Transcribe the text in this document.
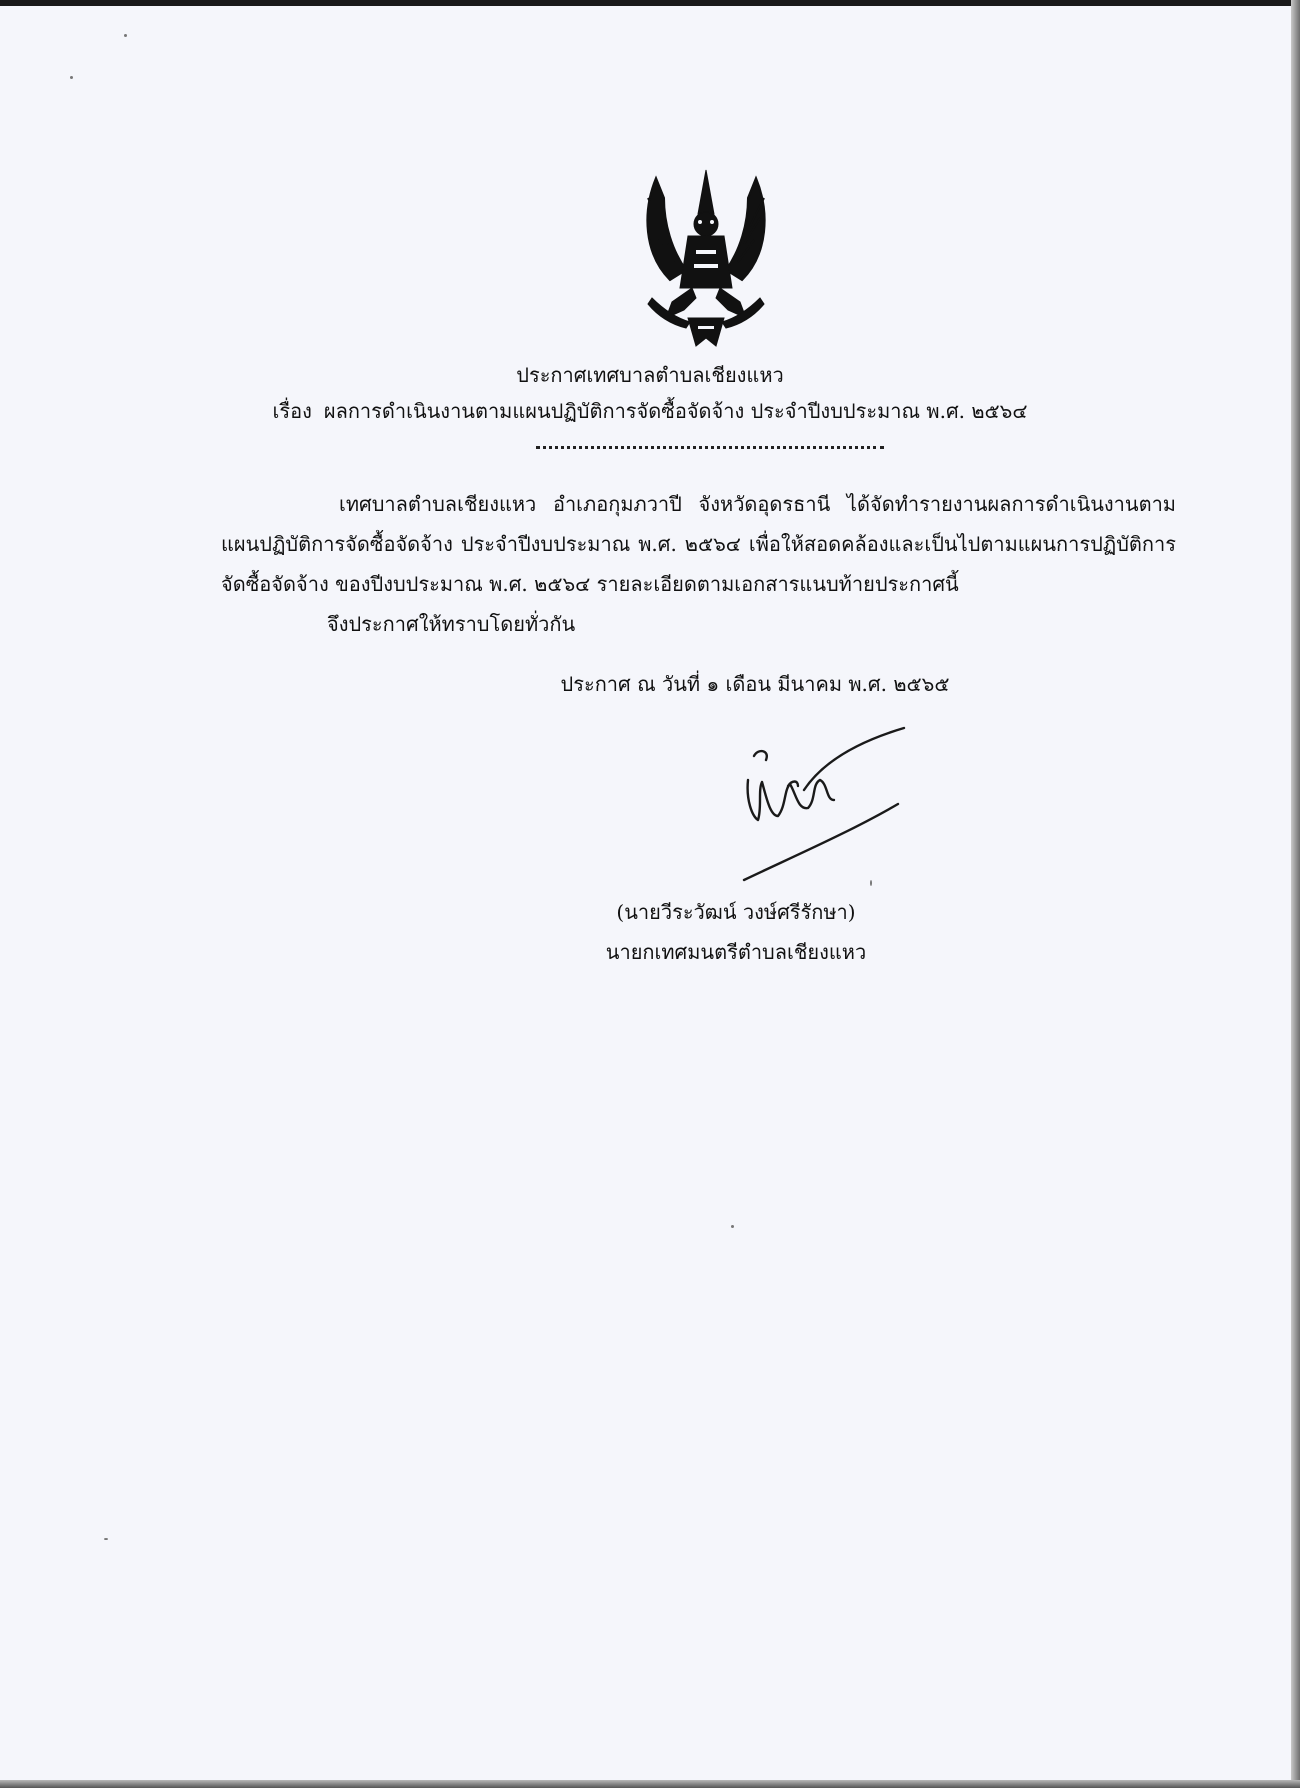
ประกาศเทศบาลตำบลเชียงแหว
เรื่อง ผลการดำเนินงานตามแผนปฏิบัติการจัดซื้อจัดจ้าง ประจำปีงบประมาณ พ.ศ. ๒๕๖๔
เทศบาลตำบลเชียงแหว อำเภอกุมภวาปี จังหวัดอุดรธานี ได้จัดทำรายงานผลการดำเนินงานตามแผนปฏิบัติการจัดซื้อจัดจ้าง ประจำปีงบประมาณ พ.ศ. ๒๕๖๔ เพื่อให้สอดคล้องและเป็นไปตามแผนการปฏิบัติการจัดซื้อจัดจ้าง ของปีงบประมาณ พ.ศ. ๒๕๖๔ รายละเอียดตามเอกสารแนบท้ายประกาศนี้
จึงประกาศให้ทราบโดยทั่วกัน
ประกาศ ณ วันที่ ๑ เดือน มีนาคม พ.ศ. ๒๕๖๕
(นายวีระวัฒน์ วงษ์ศรีรักษา)
นายกเทศมนตรีตำบลเชียงแหว
